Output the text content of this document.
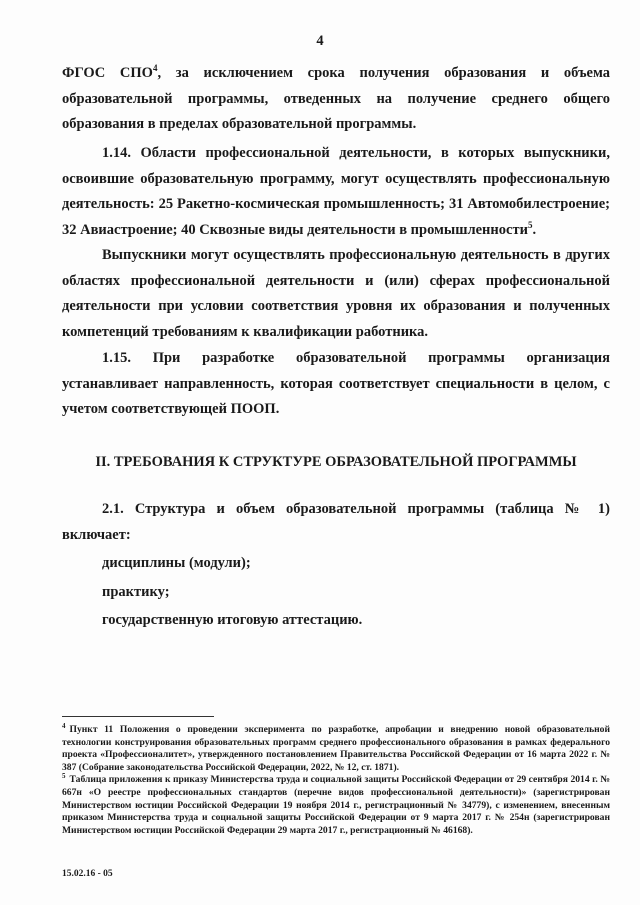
4

ФГОС СПО$^4$, за исключением срока получения образования и объема образовательной программы, отведенных на получение среднего общего образования в пределах образовательной программы.

1.14. Области профессиональной деятельности, в которых выпускники, освоившие образовательную программу, могут осуществлять профессиональную деятельность: 25 Ракетно-космическая промышленность; 31 Автомобилестроение; 32 Авиастроение; 40 Сквозные виды деятельности в промышленности$^5$.

Выпускники могут осуществлять профессиональную деятельность в других областях профессиональной деятельности и (или) сферах профессиональной деятельности при условии соответствия уровня их образования и полученных компетенций требованиям к квалификации работника.

1.15. При разработке образовательной программы организация устанавливает направленность, которая соответствует специальности в целом, с учетом соответствующей ПООП.

II. ТРЕБОВАНИЯ К СТРУКТУРЕ ОБРАЗОВАТЕЛЬНОЙ ПРОГРАММЫ

2.1. Структура и объем образовательной программы (таблица № 1) включает:

дисциплины (модули);

практику;

государственную итоговую аттестацию.

$^4$ Пункт 11 Положения о проведении эксперимента по разработке, апробации и внедрению новой образовательной технологии конструирования образовательных программ среднего профессионального образования в рамках федерального проекта «Профессионалитет», утвержденного постановлением Правительства Российской Федерации от 16 марта 2022 г. № 387 (Собрание законодательства Российской Федерации, 2022, № 12, ст. 1871).

$^5$ Таблица приложения к приказу Министерства труда и социальной защиты Российской Федерации от 29 сентября 2014 г. № 667н «О реестре профессиональных стандартов (перечне видов профессиональной деятельности)» (зарегистрирован Министерством юстиции Российской Федерации 19 ноября 2014 г., регистрационный № 34779), с изменением, внесенным приказом Министерства труда и социальной защиты Российской Федерации от 9 марта 2017 г. № 254н (зарегистрирован Министерством юстиции Российской Федерации 29 марта 2017 г., регистрационный № 46168).

15.02.16 - 05
